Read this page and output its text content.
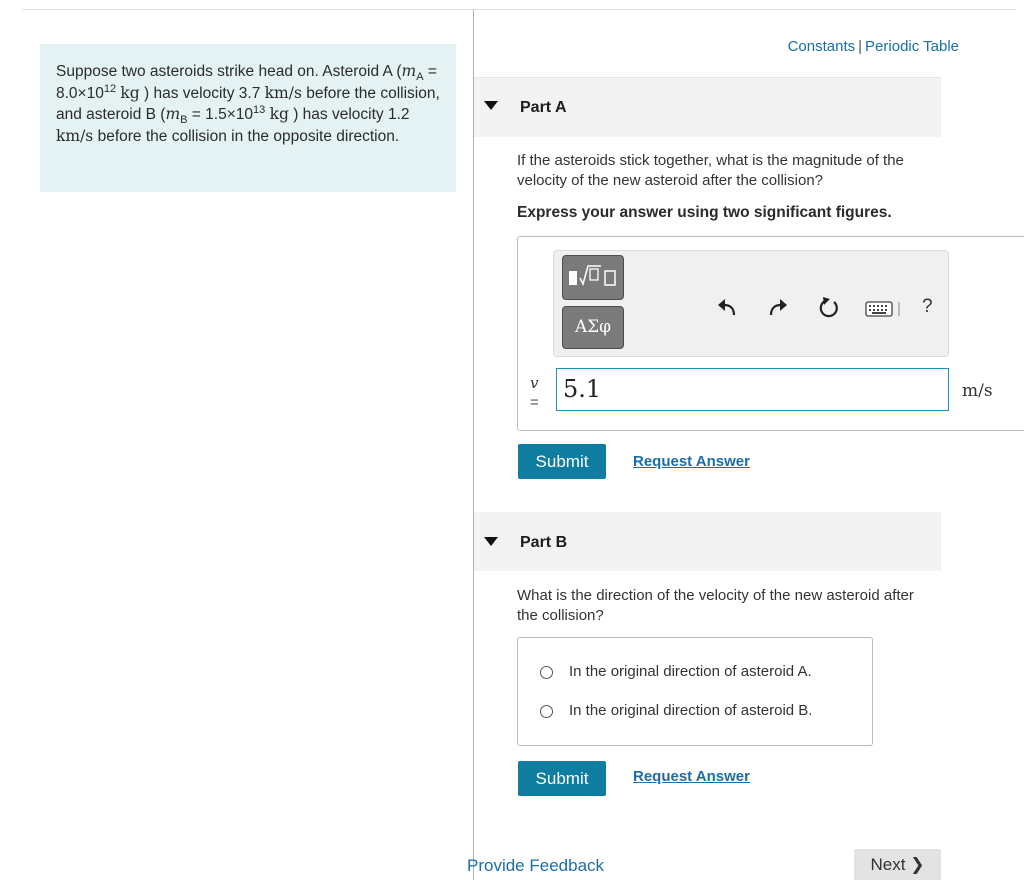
Suppose two asteroids strike head on. Asteroid A ($m_A = 8.0\times 10^{12}$ kg ) has velocity 3.7 km/s before the collision, and asteroid B ($m_B = 1.5\times 10^{13}$ kg ) has velocity 1.2 km/s before the collision in the opposite direction.
Constants | Periodic Table
Part A
If the asteroids stick together, what is the magnitude of the velocity of the new asteroid after the collision?
Express your answer using two significant figures.
ΑΣφ
| ?
v
= 5.1	m/s
Submit	Request Answer
Part B
What is the direction of the velocity of the new asteroid after the collision?
In the original direction of asteroid A.
In the original direction of asteroid B.
Submit	Request Answer
Provide Feedback	Next ❯
